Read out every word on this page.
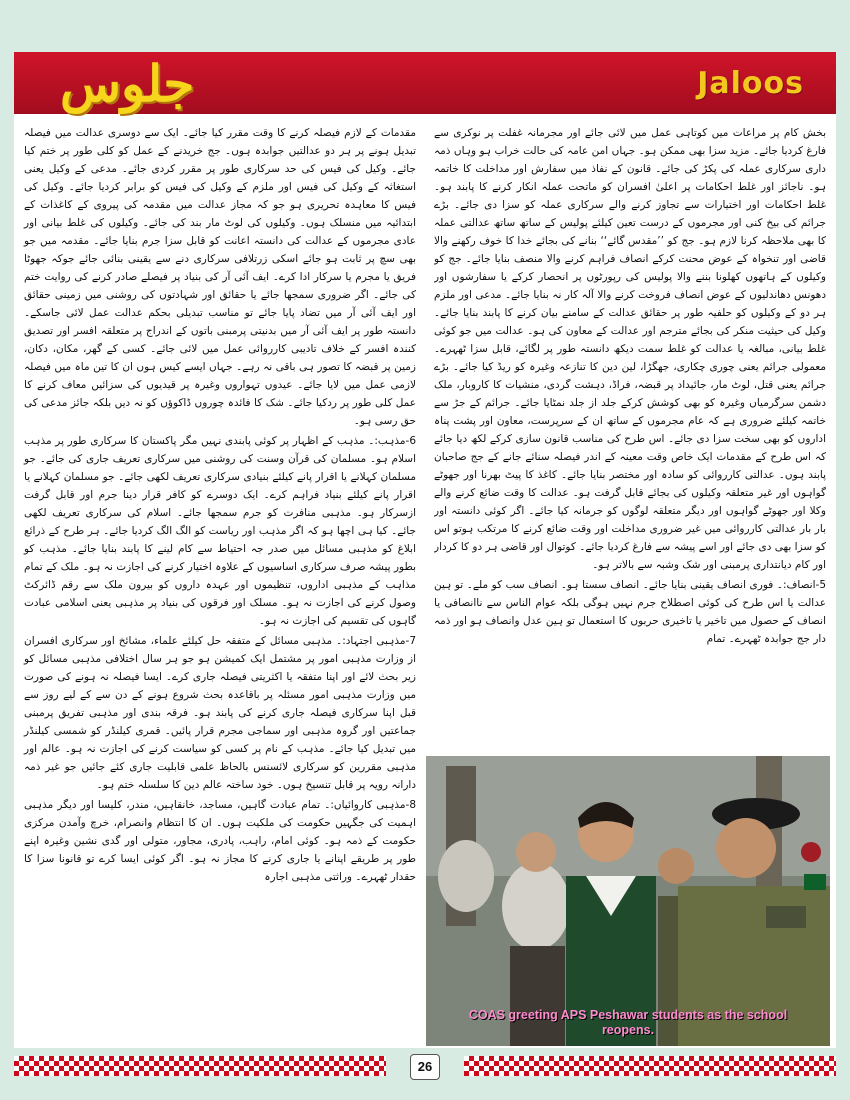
جلوس	Jaloos

بخش کام پر مراعات میں کوتاہی عمل میں لائی جائے اور مجرمانہ غفلت پر نوکری سے فارغ کردیا جائے۔ مزید سزا بھی ممکن ہو۔ جہاں امن عامہ کی حالت خراب ہو وہاں ذمہ داری سرکاری عملہ کی پکڑ کی جائے۔ قانون کے نفاذ میں سفارش اور مداخلت کا خاتمہ ہو۔ ناجائز اور غلط احکامات پر اعلیٰ افسران کو ماتحت عملہ انکار کرنے کا پابند ہو۔ غلط احکامات اور اختیارات سے تجاوز کرنے والے سرکاری عملہ کو سزا دی جائے۔ بڑے جرائم کی بیخ کنی اور مجرموں کے درست تعین کیلئے پولیس کے ساتھ ساتھ عدالتی عملہ کا بھی ملاحظہ کرنا لازم ہو۔ جج کو ’’مقدس گائے‘‘ بنانے کی بجائے خدا کا خوف رکھنے والا قاضی اور تنخواہ کے عوض محنت کرکے انصاف فراہم کرنے والا منصف بنایا جائے۔ جج کو وکیلوں کے ہاتھوں کھلونا بننے والا پولیس کی رپورٹوں پر انحصار کرکے یا سفارشوں اور دھونس دھاندلیوں کے عوض انصاف فروخت کرنے والا آلہ کار نہ بنایا جائے۔ مدعی اور ملزم ہر دو کے وکیلوں کو حلفیہ طور پر حقائق عدالت کے سامنے بیان کرنے کا پابند بنایا جائے۔ وکیل کی حیثیت منکر کی بجائے مترجم اور عدالت کے معاون کی ہو۔ عدالت میں جو کوئی غلط بیانی، مبالغہ یا عدالت کو غلط سمت دیکھ دانستہ طور پر لگائے، قابل سزا ٹھہرے۔ معمولی جرائم یعنی چوری چکاری، جھگڑا، لین دین کا تنازعہ وغیرہ کو ریڈ کیا جائے۔ بڑے جرائم یعنی قتل، لوٹ مار، جائیداد پر قبضہ، فراڈ، دہشت گردی، منشیات کا کاروبار، ملک دشمن سرگرمیاں وغیرہ کو بھی کوشش کرکے جلد از جلد نمٹایا جائے۔ جرائم کے جڑ سے خاتمہ کیلئے ضروری ہے کہ عام مجرموں کے ساتھ ان کے سرپرست، معاون اور پشت پناہ اداروں کو بھی سخت سزا دی جائے۔ اس طرح کی مناسب قانون سازی کرکے لکھ دیا جائے کہ اس طرح کے مقدمات ایک خاص وقت معینہ کے اندر فیصلہ سنائے جانے کے جج صاحبان پابند ہوں۔ عدالتی کارروائی کو سادہ اور مختصر بنایا جائے۔ کاغذ کا پیٹ بھرنا اور جھوٹے گواہوں اور غیر متعلقہ وکیلوں کی بجائے قابل گرفت ہو۔ عدالت کا وقت ضائع کرنے والے وکلا اور جھوٹے گواہوں اور دیگر متعلقہ لوگوں کو جرمانہ کیا جائے۔ اگر کوئی دانستہ اور بار بار عدالتی کارروائی میں غیر ضروری مداخلت اور وقت ضائع کرنے کا مرتکب ہوتو اس کو سزا بھی دی جائے اور اسے پیشہ سے فارغ کردیا جائے۔ کوتوال اور قاضی ہر دو کا کردار اور کام دیانتداری پرمبنی اور شک وشبہ سے بالاتر ہو۔

5-انصاف:۔ فوری انصاف یقینی بنایا جائے۔ انصاف سستا ہو۔ انصاف سب کو ملے۔ تو ہین عدالت یا اس طرح کی کوئی اصطلاح جرم نہیں ہوگی بلکہ عوام الناس سے ناانصافی یا انصاف کے حصول میں تاخیر یا تاخیری حربوں کا استعمال تو ہین عدل وانصاف ہو اور ذمہ دار جج جوابدہ ٹھہرے۔ تمام

مقدمات کے لازم فیصلہ کرنے کا وقت مقرر کیا جائے۔ ایک سے دوسری عدالت میں فیصلہ تبدیل ہونے پر ہر دو عدالتیں جوابدہ ہوں۔ جج خریدنے کے عمل کو کلی طور پر ختم کیا جائے۔ وکیل کی فیس کی حد سرکاری طور پر مقرر کردی جائے۔ مدعی کے وکیل یعنی استغاثہ کے وکیل کی فیس اور ملزم کے وکیل کی فیس کو برابر کردیا جائے۔ وکیل کی فیس کا معاہدہ تحریری ہو جو کہ مجاز عدالت میں مقدمہ کی پیروی کے کاغذات کے ابتدائیہ میں منسلک ہوں۔ وکیلوں کی لوٹ مار بند کی جائے۔ وکیلوں کی غلط بیانی اور عادی مجرموں کے عدالت کی دانستہ اعانت کو قابل سزا جرم بنایا جائے۔ مقدمہ میں جو بھی سچ پر ثابت ہو جائے اسکی زرتلافی سرکاری دنے سے یقینی بنائی جائے جوکہ جھوٹا فریق یا مجرم یا سرکار ادا کرے۔ ایف آئی آر کی بنیاد پر فیصلے صادر کرنے کی روایت ختم کی جائے۔ اگر ضروری سمجھا جائے یا حقائق اور شہادتوں کی روشنی میں زمینی حقائق اور ایف آئی آر میں تضاد پایا جائے تو مناسب تبدیلی بحکم عدالت عمل لائی جاسکے۔ دانستہ طور پر ایف آئی آر میں بدنیتی پرمبنی باتوں کے اندراج پر متعلقہ افسر اور تصدیق کنندہ افسر کے خلاف تادیبی کارروائی عمل میں لائی جائے۔ کسی کے گھر، مکان، دکان، زمین پر قبضہ کا تصور ہی باقی نہ رہے۔ جہاں ایسے کیس ہوں ان کا تین ماہ میں فیصلہ لازمی عمل میں لایا جائے۔ عیدوں تہواروں وغیرہ پر قیدیوں کی سزائیں معاف کرنے کا عمل کلی طور پر ردکیا جائے۔ شک کا فائدہ چوروں ڈاکوؤں کو نہ دیں بلکہ جائز مدعی کی حق رسی ہو۔

6-مذہب:۔ مذہب کے اظہار پر کوئی پابندی نہیں مگر پاکستان کا سرکاری طور پر مذہب اسلام ہو۔ مسلمان کی قرآن وسنت کی روشنی میں سرکاری تعریف جاری کی جائے۔ جو مسلمان کہلانے یا اقرار پانے کیلئے بنیادی سرکاری تعریف لکھی جائے۔ جو مسلمان کہلانے یا اقرار پانے کیلئے بنیاد فراہم کرے۔ ایک دوسرے کو کافر قرار دینا جرم اور قابل گرفت ازسرکار ہو۔ مذہبی منافرت کو جرم سمجھا جائے۔ اسلام کی سرکاری تعریف لکھی جائے۔ کیا ہی اچھا ہو کہ اگر مذہب اور ریاست کو الگ الگ کردیا جائے۔ ہر طرح کے ذرائع ابلاغ کو مذہبی مسائل میں صدر جہ احتیاط سے کام لینے کا پابند بنایا جائے۔ مذہب کو بطور پیشہ صرف سرکاری اساسیوں کے علاوہ اختیار کرنے کی اجازت نہ ہو۔ ملک کے تمام مذاہب کے مذہبی اداروں، تنظیموں اور عہدہ داروں کو بیرون ملک سے رقم ڈائرکٹ وصول کرنے کی اجازت نہ ہو۔ مسلک اور فرقوں کی بنیاد پر مذہبی یعنی اسلامی عبادت گاہوں کی تقسیم کی اجازت نہ ہو۔

7-مذہبی اجتہاد:۔ مذہبی مسائل کے متفقہ حل کیلئے علماء، مشائخ اور سرکاری افسران از وزارت مذہبی امور پر مشتمل ایک کمیشن ہو جو ہر سال اختلافی مذہبی مسائل کو زیر بحث لائے اور اپنا متفقہ یا اکثریتی فیصلہ جاری کرے۔ ایسا فیصلہ نہ ہونے کی صورت میں وزارت مذہبی امور مسئلہ پر باقاعدہ بحث شروع ہونے کے دن سے کے لیے روز سے قبل اپنا سرکاری فیصلہ جاری کرنے کی پابند ہو۔ فرقہ بندی اور مذہبی تفریق پرمبنی جماعتیں اور گروہ مذہبی اور سماجی مجرم قرار پائیں۔ قمری کیلنڈر کو شمسی کیلنڈر میں تبدیل کیا جائے۔ مذہب کے نام پر کسی کو سیاست کرنے کی اجازت نہ ہو۔ عالم اور مذہبی مقررین کو سرکاری لائسنس بالحاظ علمی قابلیت جاری کئے جائیں جو غیر ذمہ دارانہ رویہ پر قابل تنسیخ ہوں۔ خود ساختہ عالم دین کا سلسلہ ختم ہو۔

8-مذہبی کاروائیاں:۔ تمام عبادت گاہیں، مساجد، خانقاہیں، مندر، کلیسا اور دیگر مذہبی اہمیت کی جگہیں حکومت کی ملکیت ہوں۔ ان کا انتظام وانصرام، خرچ وآمدن مرکزی حکومت کے ذمہ ہو۔ کوئی امام، راہب، پادری، مجاور، متولی اور گدی نشین وغیرہ اپنے طور پر طریقے اپنانے یا جاری کرنے کا مجاز نہ ہو۔ اگر کوئی ایسا کرے تو قانونا سزا کا حقدار ٹھہرے۔ وراثتی مذہبی اجارہ

COAS greeting APS Peshawar students as the school reopens.
26
